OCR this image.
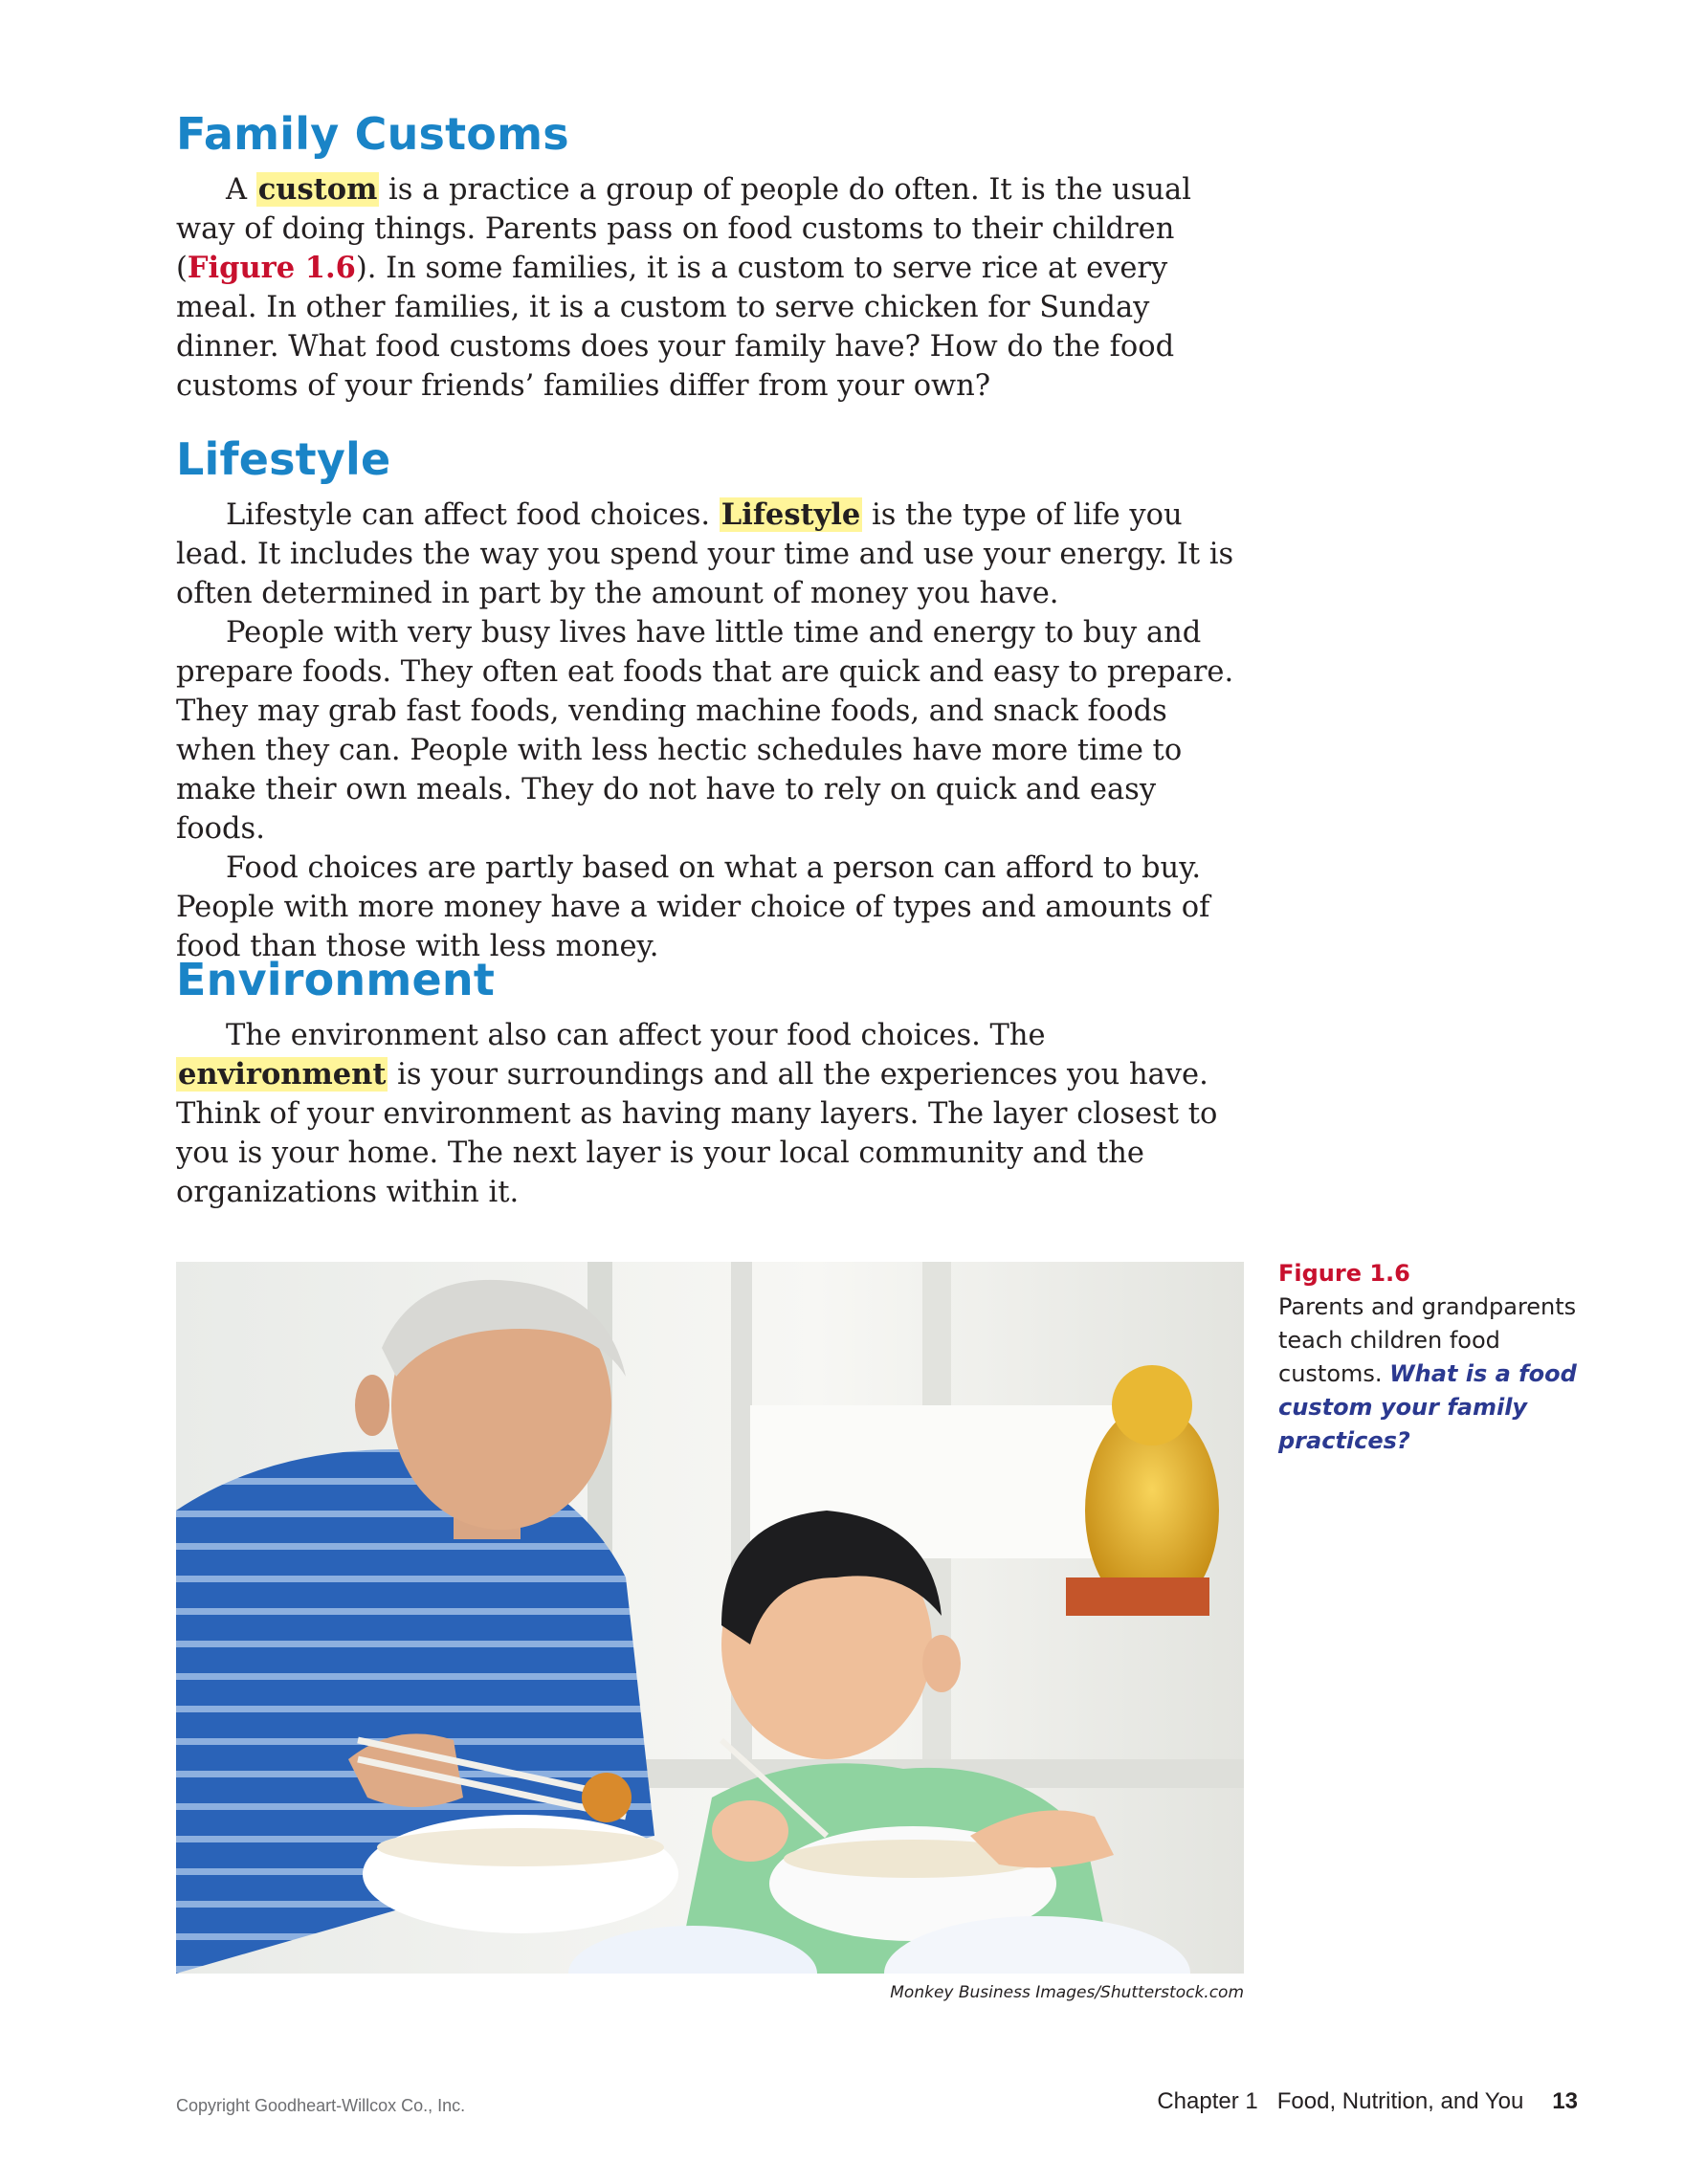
Family Customs

A custom is a practice a group of people do often. It is the usual way of doing things. Parents pass on food customs to their children (Figure 1.6). In some families, it is a custom to serve rice at every meal. In other families, it is a custom to serve chicken for Sunday dinner. What food customs does your family have? How do the food customs of your friends’ families differ from your own?

Lifestyle

Lifestyle can affect food choices. Lifestyle is the type of life you lead. It includes the way you spend your time and use your energy. It is often determined in part by the amount of money you have.

People with very busy lives have little time and energy to buy and prepare foods. They often eat foods that are quick and easy to prepare. They may grab fast foods, vending machine foods, and snack foods when they can. People with less hectic schedules have more time to make their own meals. They do not have to rely on quick and easy foods.

Food choices are partly based on what a person can afford to buy. People with more money have a wider choice of types and amounts of food than those with less money.

Environment

The environment also can affect your food choices. The environment is your surroundings and all the experiences you have. Think of your environment as having many layers. The layer closest to you is your home. The next layer is your local community and the organizations within it.

Monkey Business Images/Shutterstock.com
Figure 1.6
Parents and grandparents teach children food customs. What is a food custom your family practices?
Copyright Goodheart-Willcox Co., Inc.	Chapter 1 Food, Nutrition, and You 13
